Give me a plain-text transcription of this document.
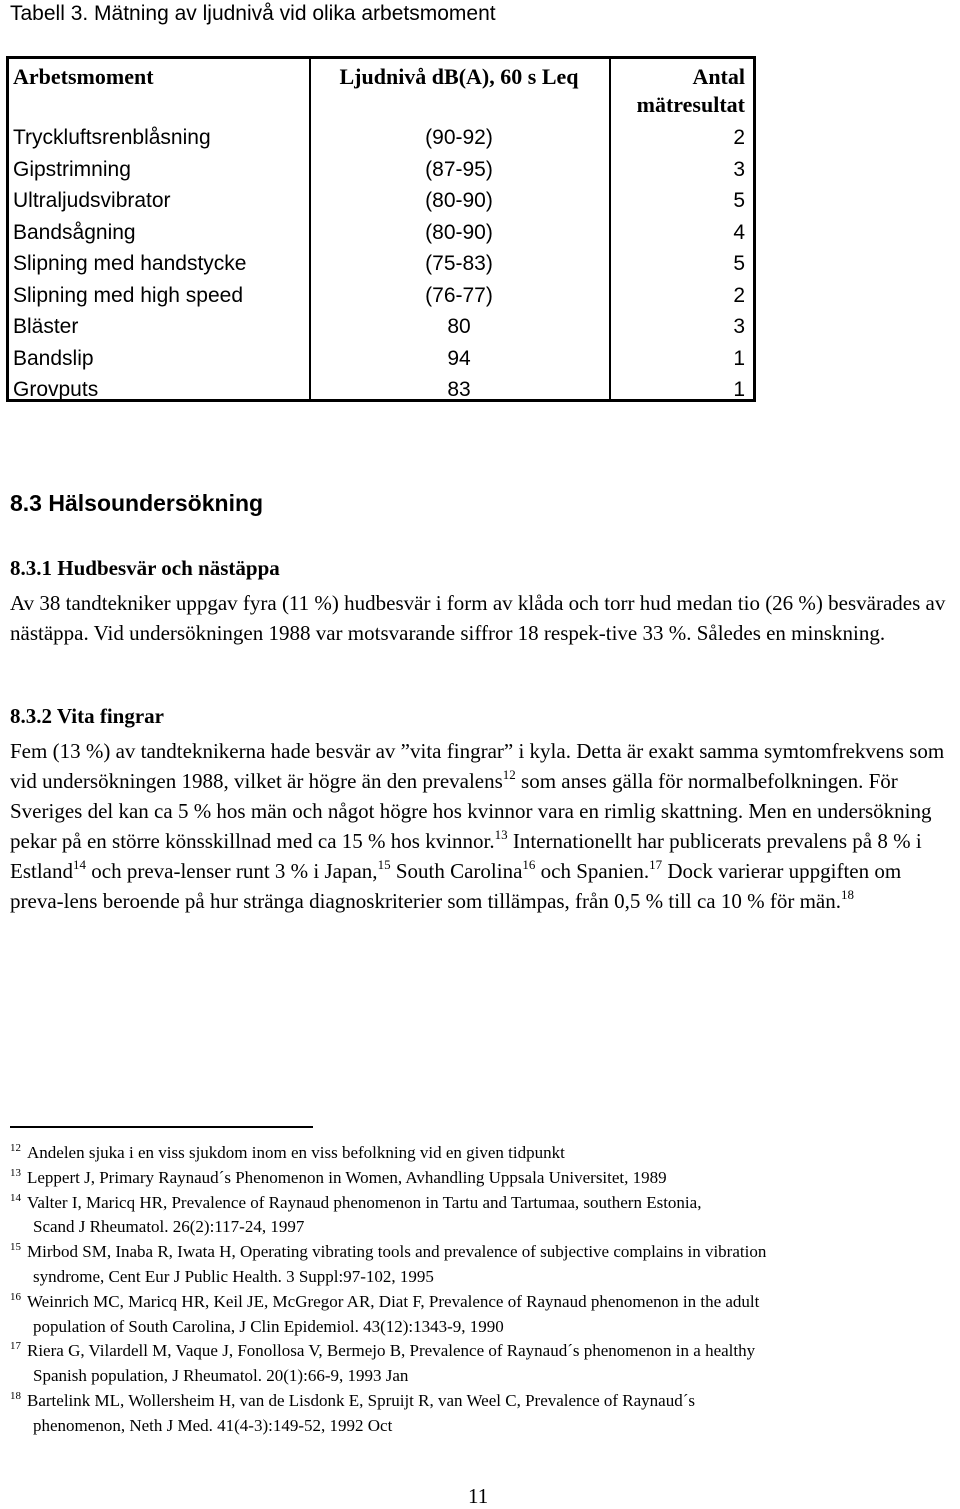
Tabell 3. Mätning av ljudnivå vid olika arbetsmoment
Arbetsmoment	Ljudnivå dB(A), 60 s Leq	Antal
mätresultat
Tryckluftsrenblåsning	(90-92)	2
Gipstrimning	(87-95)	3
Ultraljudsvibrator	(80-90)	5
Bandsågning	(80-90)	4
Slipning med handstycke	(75-83)	5
Slipning med high speed	(76-77)	2
Bläster	80	3
Bandslip	94	1
Grovputs	83	1
8.3 Hälsoundersökning
8.3.1 Hudbesvär och nästäppa
Av 38 tandtekniker uppgav fyra (11 %) hudbesvär i form av klåda och torr hud medan tio (26 %) besvärades av nästäppa. Vid undersökningen 1988 var motsvarande siffror 18 respek-tive 33 %. Således en minskning.
8.3.2 Vita fingrar
Fem (13 %) av tandteknikerna hade besvär av ”vita fingrar” i kyla. Detta är exakt samma symtomfrekvens som vid undersökningen 1988, vilket är högre än den prevalens$^{12}$ som anses gälla för normalbefolkningen. För Sveriges del kan ca 5 % hos män och något högre hos kvinnor vara en rimlig skattning. Men en undersökning pekar på en större könsskillnad med ca 15 % hos kvinnor.$^{13}$ Internationellt har publicerats prevalens på 8 % i Estland$^{14}$ och preva-lenser runt 3 % i Japan,$^{15}$ South Carolina$^{16}$ och Spanien.$^{17}$ Dock varierar uppgiften om preva-lens beroende på hur stränga diagnoskriterier som tillämpas, från 0,5 % till ca 10 % för män.$^{18}$
$^{12}$ Andelen sjuka i en viss sjukdom inom en viss befolkning vid en given tidpunkt
$^{13}$ Leppert J, Primary Raynaud´s Phenomenon in Women, Avhandling Uppsala Universitet, 1989
$^{14}$ Valter I, Maricq HR, Prevalence of Raynaud phenomenon in Tartu and Tartumaa, southern Estonia,
Scand J Rheumatol. 26(2):117-24, 1997
$^{15}$ Mirbod SM, Inaba R, Iwata H, Operating vibrating tools and prevalence of subjective complains in vibration
syndrome, Cent Eur J Public Health. 3 Suppl:97-102, 1995
$^{16}$ Weinrich MC, Maricq HR, Keil JE, McGregor AR, Diat F, Prevalence of Raynaud phenomenon in the adult
population of South Carolina, J Clin Epidemiol. 43(12):1343-9, 1990
$^{17}$ Riera G, Vilardell M, Vaque J, Fonollosa V, Bermejo B, Prevalence of Raynaud´s phenomenon in a healthy
Spanish population, J Rheumatol. 20(1):66-9, 1993 Jan
$^{18}$ Bartelink ML, Wollersheim H, van de Lisdonk E, Spruijt R, van Weel C, Prevalence of Raynaud´s
phenomenon, Neth J Med. 41(4-3):149-52, 1992 Oct
11
